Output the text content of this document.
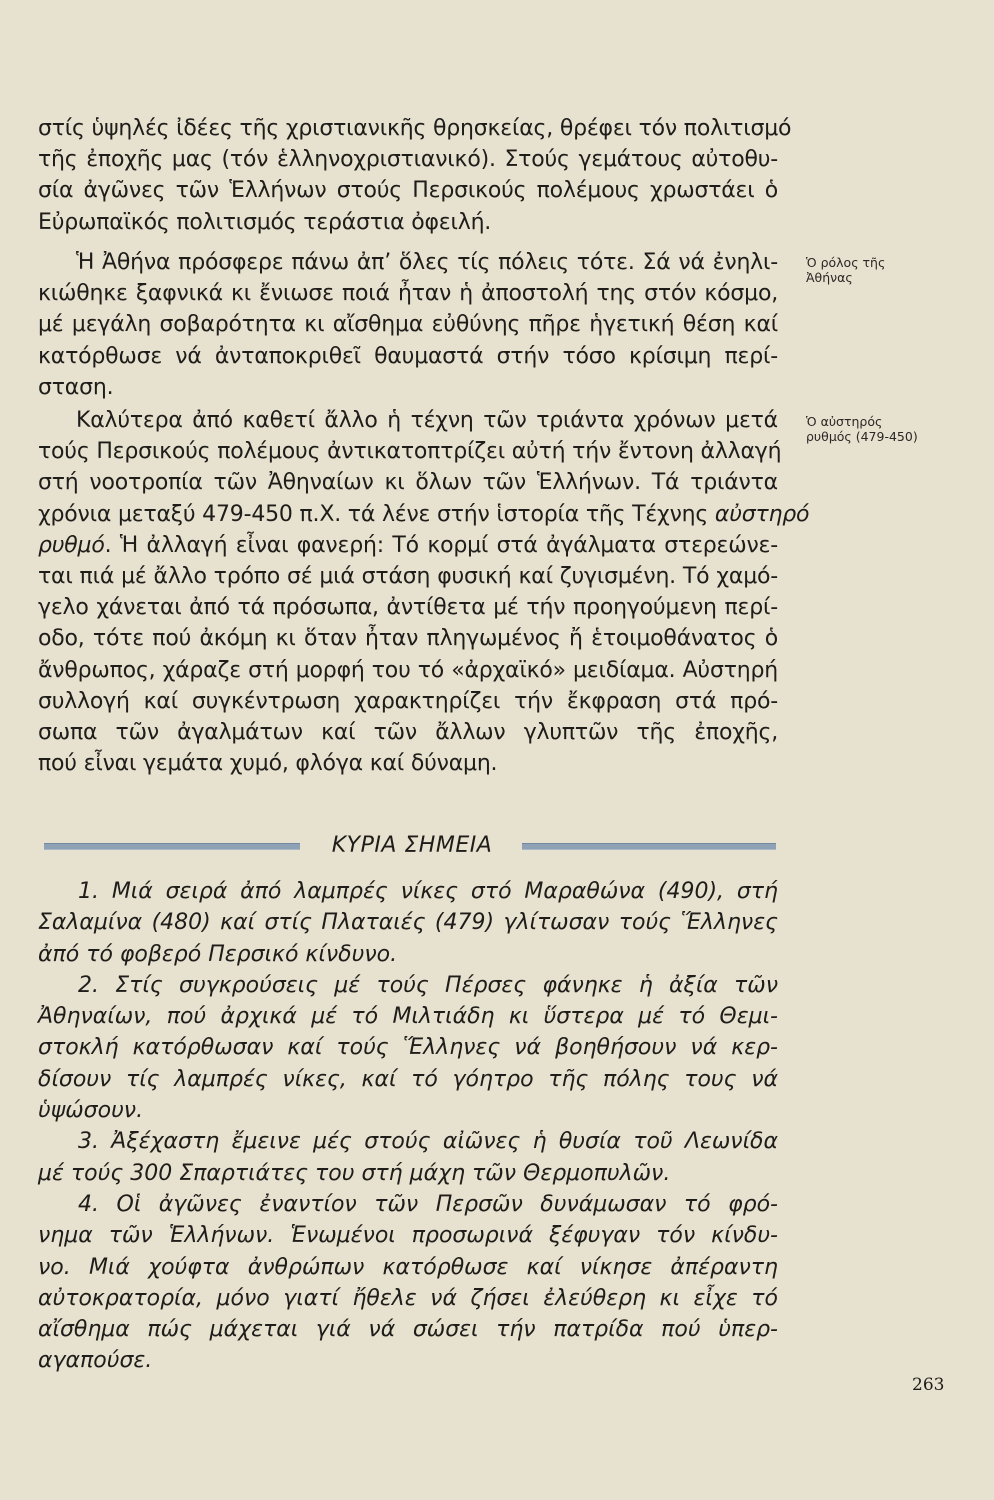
στίς ὑψηλές ἰδέες τῆς χριστιανικῆς θρησκείας, θρέφει τόν πολιτισμό
τῆς ἐποχῆς μας (τόν ἑλληνοχριστιανικό). Στούς γεμάτους αὐτοθυ-
σία ἀγῶνες τῶν Ἑλλήνων στούς Περσικούς πολέμους χρωστάει ὁ
Εὐρωπαϊκός πολιτισμός τεράστια ὀφειλή.

Ἡ Ἀθήνα πρόσφερε πάνω ἀπ’ ὅλες τίς πόλεις τότε. Σά νά ἐνηλι-
κιώθηκε ξαφνικά κι ἔνιωσε ποιά ἦταν ἡ ἀποστολή της στόν κόσμο,
μέ μεγάλη σοβαρότητα κι αἴσθημα εὐθύνης πῆρε ἡγετική θέση καί
κατόρθωσε νά ἀνταποκριθεῖ θαυμαστά στήν τόσο κρίσιμη περί-
σταση.

Καλύτερα ἀπό καθετί ἄλλο ἡ τέχνη τῶν τριάντα χρόνων μετά
τούς Περσικούς πολέμους ἀντικατοπτρίζει αὐτή τήν ἔντονη ἀλλαγή
στή νοοτροπία τῶν Ἀθηναίων κι ὅλων τῶν Ἑλλήνων. Τά τριάντα
χρόνια μεταξύ 479-450 π.Χ. τά λένε στήν ἱστορία τῆς Τέχνης αὐστηρό
ρυθμό. Ἡ ἀλλαγή εἶναι φανερή: Τό κορμί στά ἀγάλματα στερεώνε-
ται πιά μέ ἄλλο τρόπο σέ μιά στάση φυσική καί ζυγισμένη. Τό χαμό-
γελο χάνεται ἀπό τά πρόσωπα, ἀντίθετα μέ τήν προηγούμενη περί-
οδο, τότε πού ἀκόμη κι ὅταν ἦταν πληγωμένος ἤ ἑτοιμοθάνατος ὁ
ἄνθρωπος, χάραζε στή μορφή του τό «ἀρχαϊκό» μειδίαμα. Αὐστηρή
συλλογή καί συγκέντρωση χαρακτηρίζει τήν ἔκφραση στά πρό-
σωπα τῶν ἀγαλμάτων καί τῶν ἄλλων γλυπτῶν τῆς ἐποχῆς,
πού εἶναι γεμάτα χυμό, φλόγα καί δύναμη.

Ὁ ρόλος τῆς
Ἀθήνας
Ὁ αὐστηρός
ρυθμός (479-450)
ΚΥΡΙΑ ΣΗΜΕΙΑ

1. Μιά σειρά ἀπό λαμπρές νίκες στό Μαραθώνα (490), στή
Σαλαμίνα (480) καί στίς Πλαταιές (479) γλίτωσαν τούς Ἕλληνες
ἀπό τό φοβερό Περσικό κίνδυνο.
2. Στίς συγκρούσεις μέ τούς Πέρσες φάνηκε ἡ ἀξία τῶν
Ἀθηναίων, πού ἀρχικά μέ τό Μιλτιάδη κι ὕστερα μέ τό Θεμι-
στοκλή κατόρθωσαν καί τούς Ἕλληνες νά βοηθήσουν νά κερ-
δίσουν τίς λαμπρές νίκες, καί τό γόητρο τῆς πόλης τους νά
ὑψώσουν.
3. Ἀξέχαστη ἔμεινε μές στούς αἰῶνες ἡ θυσία τοῦ Λεωνίδα
μέ τούς 300 Σπαρτιάτες του στή μάχη τῶν Θερμοπυλῶν.
4. Οἱ ἀγῶνες ἐναντίον τῶν Περσῶν δυνάμωσαν τό φρό-
νημα τῶν Ἑλλήνων. Ἑνωμένοι προσωρινά ξέφυγαν τόν κίνδυ-
νο. Μιά χούφτα ἀνθρώπων κατόρθωσε καί νίκησε ἀπέραντη
αὐτοκρατορία, μόνο γιατί ἤθελε νά ζήσει ἐλεύθερη κι εἶχε τό
αἴσθημα πώς μάχεται γιά νά σώσει τήν πατρίδα πού ὑπερ-
αγαπούσε.

263
